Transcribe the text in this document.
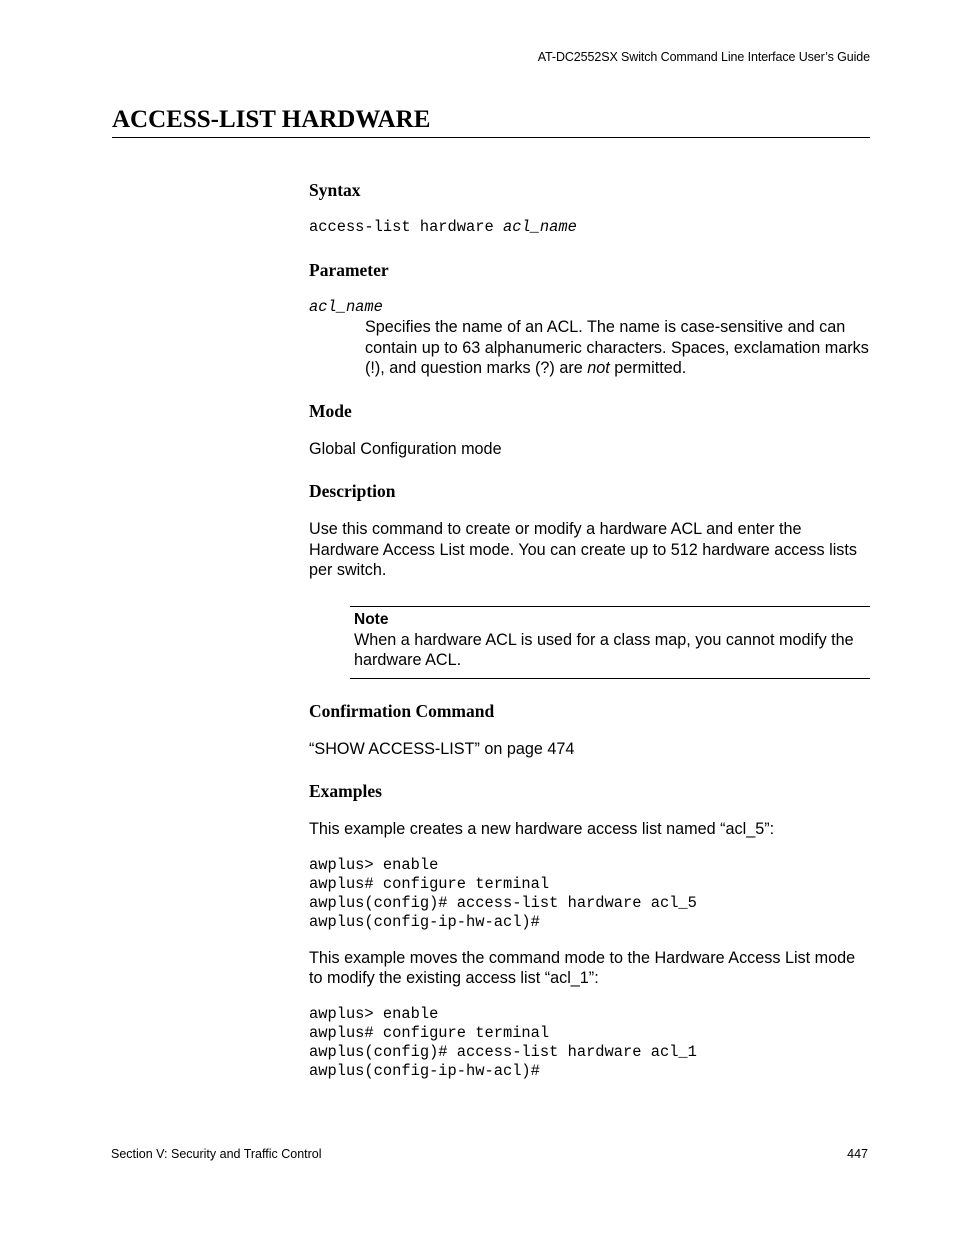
AT-DC2552SX Switch Command Line Interface User’s Guide
ACCESS-LIST HARDWARE

Syntax

access-list hardware acl_name

Parameter

acl_name

Specifies the name of an ACL. The name is case-sensitive and can contain up to 63 alphanumeric characters. Spaces, exclamation marks (!), and question marks (?) are not permitted.

Mode

Global Configuration mode

Description

Use this command to create or modify a hardware ACL and enter the Hardware Access List mode. You can create up to 512 hardware access lists per switch.

Note
When a hardware ACL is used for a class map, you cannot modify the hardware ACL.

Confirmation Command

“SHOW ACCESS-LIST” on page 474

Examples

This example creates a new hardware access list named “acl_5”:

awplus> enable

awplus# configure terminal

awplus(config)# access-list hardware acl_5

awplus(config-ip-hw-acl)#

This example moves the command mode to the Hardware Access List mode to modify the existing access list “acl_1”:

awplus> enable

awplus# configure terminal

awplus(config)# access-list hardware acl_1

awplus(config-ip-hw-acl)#

Section V: Security and Traffic Control	447
